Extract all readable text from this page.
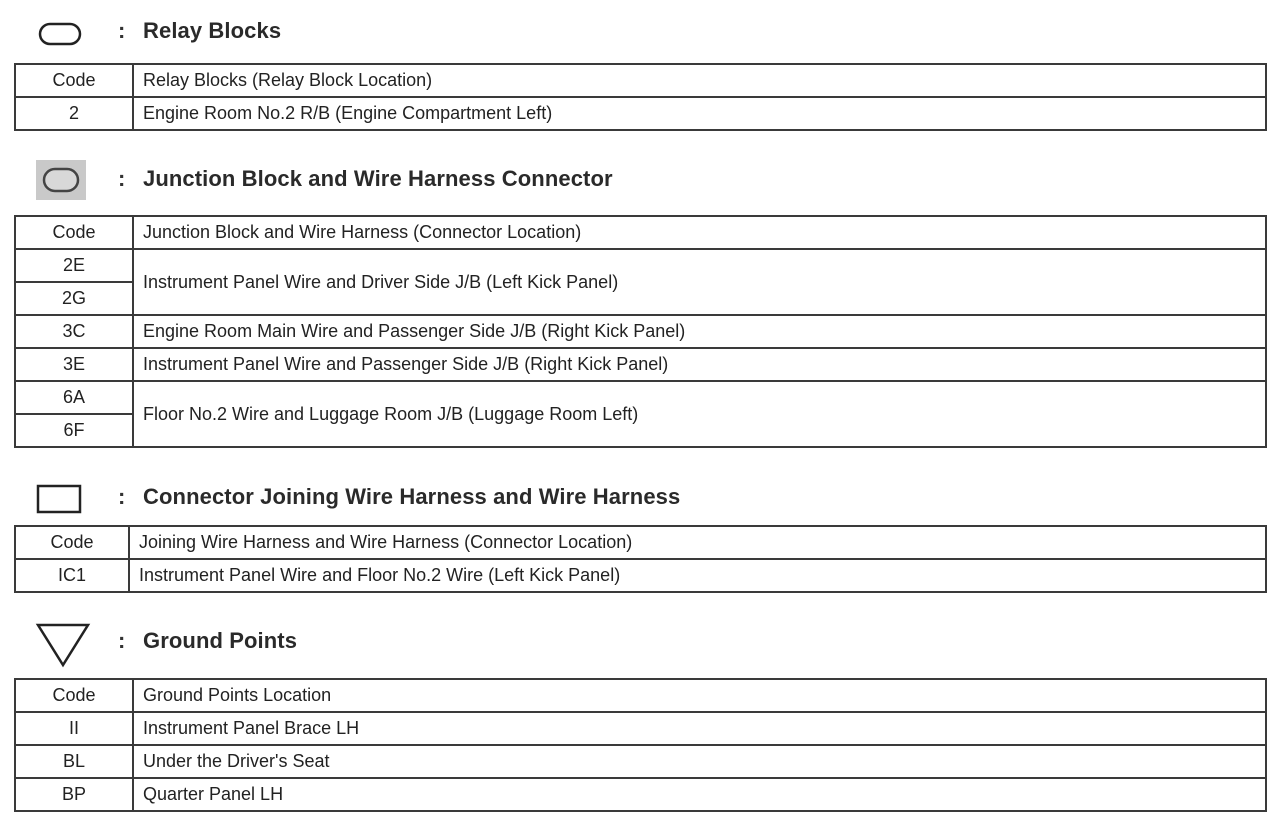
: Relay Blocks
Code	Relay Blocks (Relay Block Location)
2	Engine Room No.2 R/B (Engine Compartment Left)
: Junction Block and Wire Harness Connector
Code	Junction Block and Wire Harness (Connector Location)
2E	Instrument Panel Wire and Driver Side J/B (Left Kick Panel)
2G	
3C	Engine Room Main Wire and Passenger Side J/B (Right Kick Panel)
3E	Instrument Panel Wire and Passenger Side J/B (Right Kick Panel)
6A	Floor No.2 Wire and Luggage Room J/B (Luggage Room Left)
6F	
: Connector Joining Wire Harness and Wire Harness
Code	Joining Wire Harness and Wire Harness (Connector Location)
IC1	Instrument Panel Wire and Floor No.2 Wire (Left Kick Panel)
: Ground Points
Code	Ground Points Location
II	Instrument Panel Brace LH
BL	Under the Driver's Seat
BP	Quarter Panel LH
